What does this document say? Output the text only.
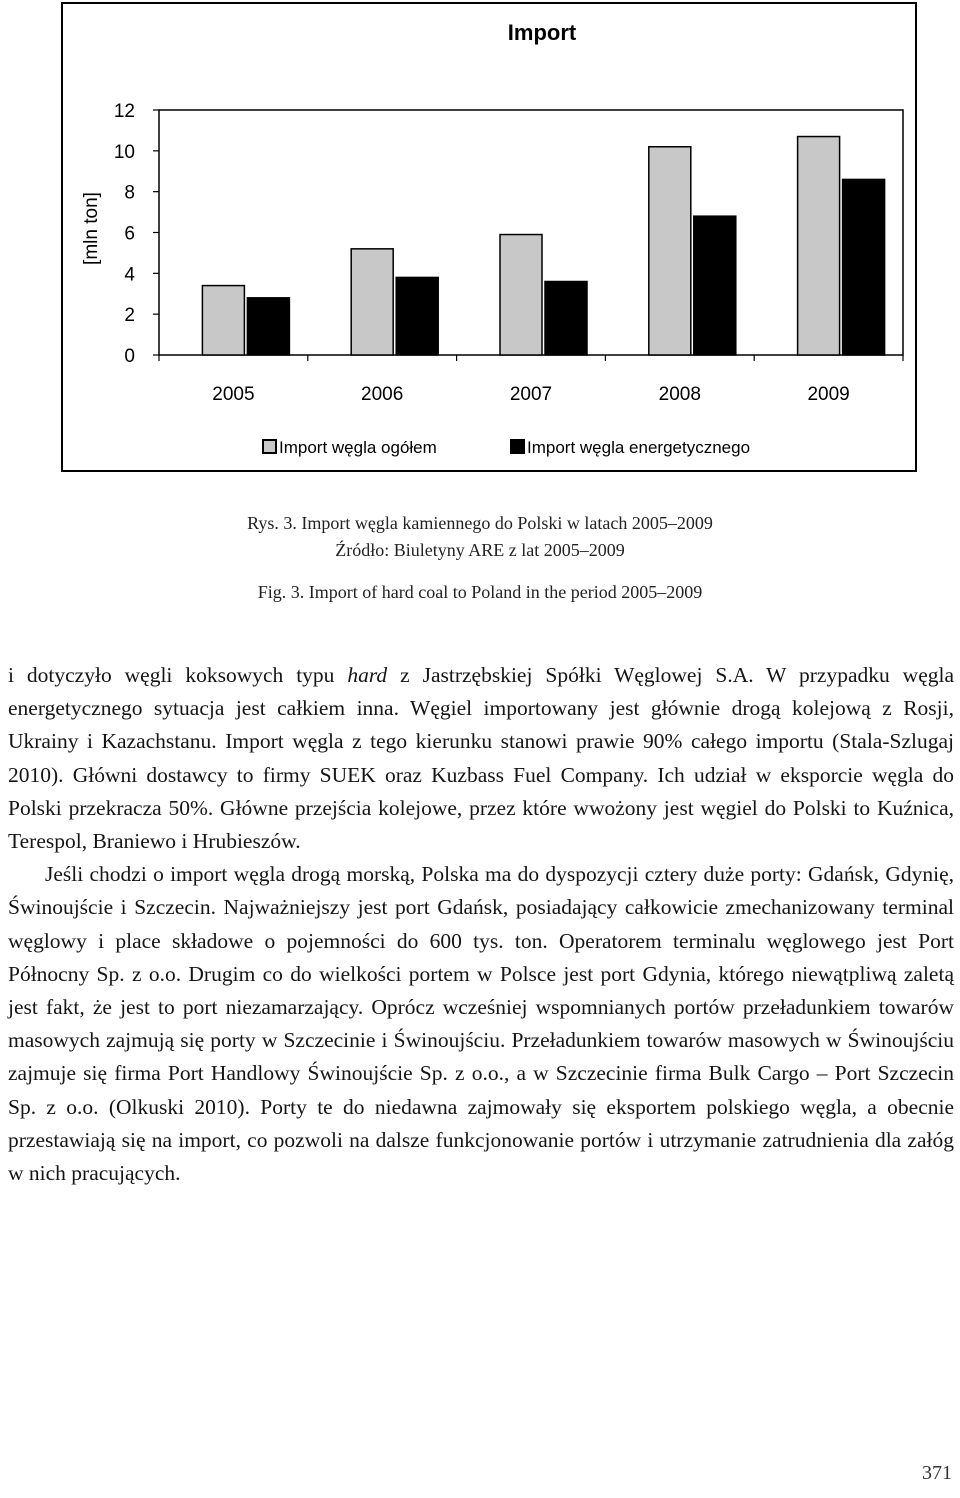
Import
[mln ton]
0
2
4
6
8
10
12
2005	2006	2007	2008	2009
Import węgla ogółem	Import węgla energetycznego
Rys. 3. Import węgla kamiennego do Polski w latach 2005–2009
Źródło: Biuletyny ARE z lat 2005–2009
Fig. 3. Import of hard coal to Poland in the period 2005–2009

i dotyczyło węgli koksowych typu hard z Jastrzębskiej Spółki Węglowej S.A. W przypadku węgla energetycznego sytuacja jest całkiem inna. Węgiel importowany jest głównie drogą kolejową z Rosji, Ukrainy i Kazachstanu. Import węgla z tego kierunku stanowi prawie 90% całego importu (Stala-Szlugaj 2010). Główni dostawcy to firmy SUEK oraz Kuzbass Fuel Company. Ich udział w eksporcie węgla do Polski przekracza 50%. Główne przejścia kolejowe, przez które wwożony jest węgiel do Polski to Kuźnica, Terespol, Braniewo i Hrubieszów.

Jeśli chodzi o import węgla drogą morską, Polska ma do dyspozycji cztery duże porty: Gdańsk, Gdynię, Świnoujście i Szczecin. Najważniejszy jest port Gdańsk, posiadający całkowicie zmechanizowany terminal węglowy i place składowe o pojemności do 600 tys. ton. Operatorem terminalu węglowego jest Port Północny Sp. z o.o. Drugim co do wielkości portem w Polsce jest port Gdynia, którego niewątpliwą zaletą jest fakt, że jest to port niezamarzający. Oprócz wcześniej wspomnianych portów przeładunkiem towarów masowych zajmują się porty w Szczecinie i Świnoujściu. Przeładunkiem towarów masowych w Świnoujściu zajmuje się firma Port Handlowy Świnoujście Sp. z o.o., a w Szczecinie firma Bulk Cargo – Port Szczecin Sp. z o.o. (Olkuski 2010). Porty te do niedawna zajmowały się eksportem polskiego węgla, a obecnie przestawiają się na import, co pozwoli na dalsze funkcjonowanie portów i utrzymanie zatrudnienia dla załóg w nich pracujących.

371
